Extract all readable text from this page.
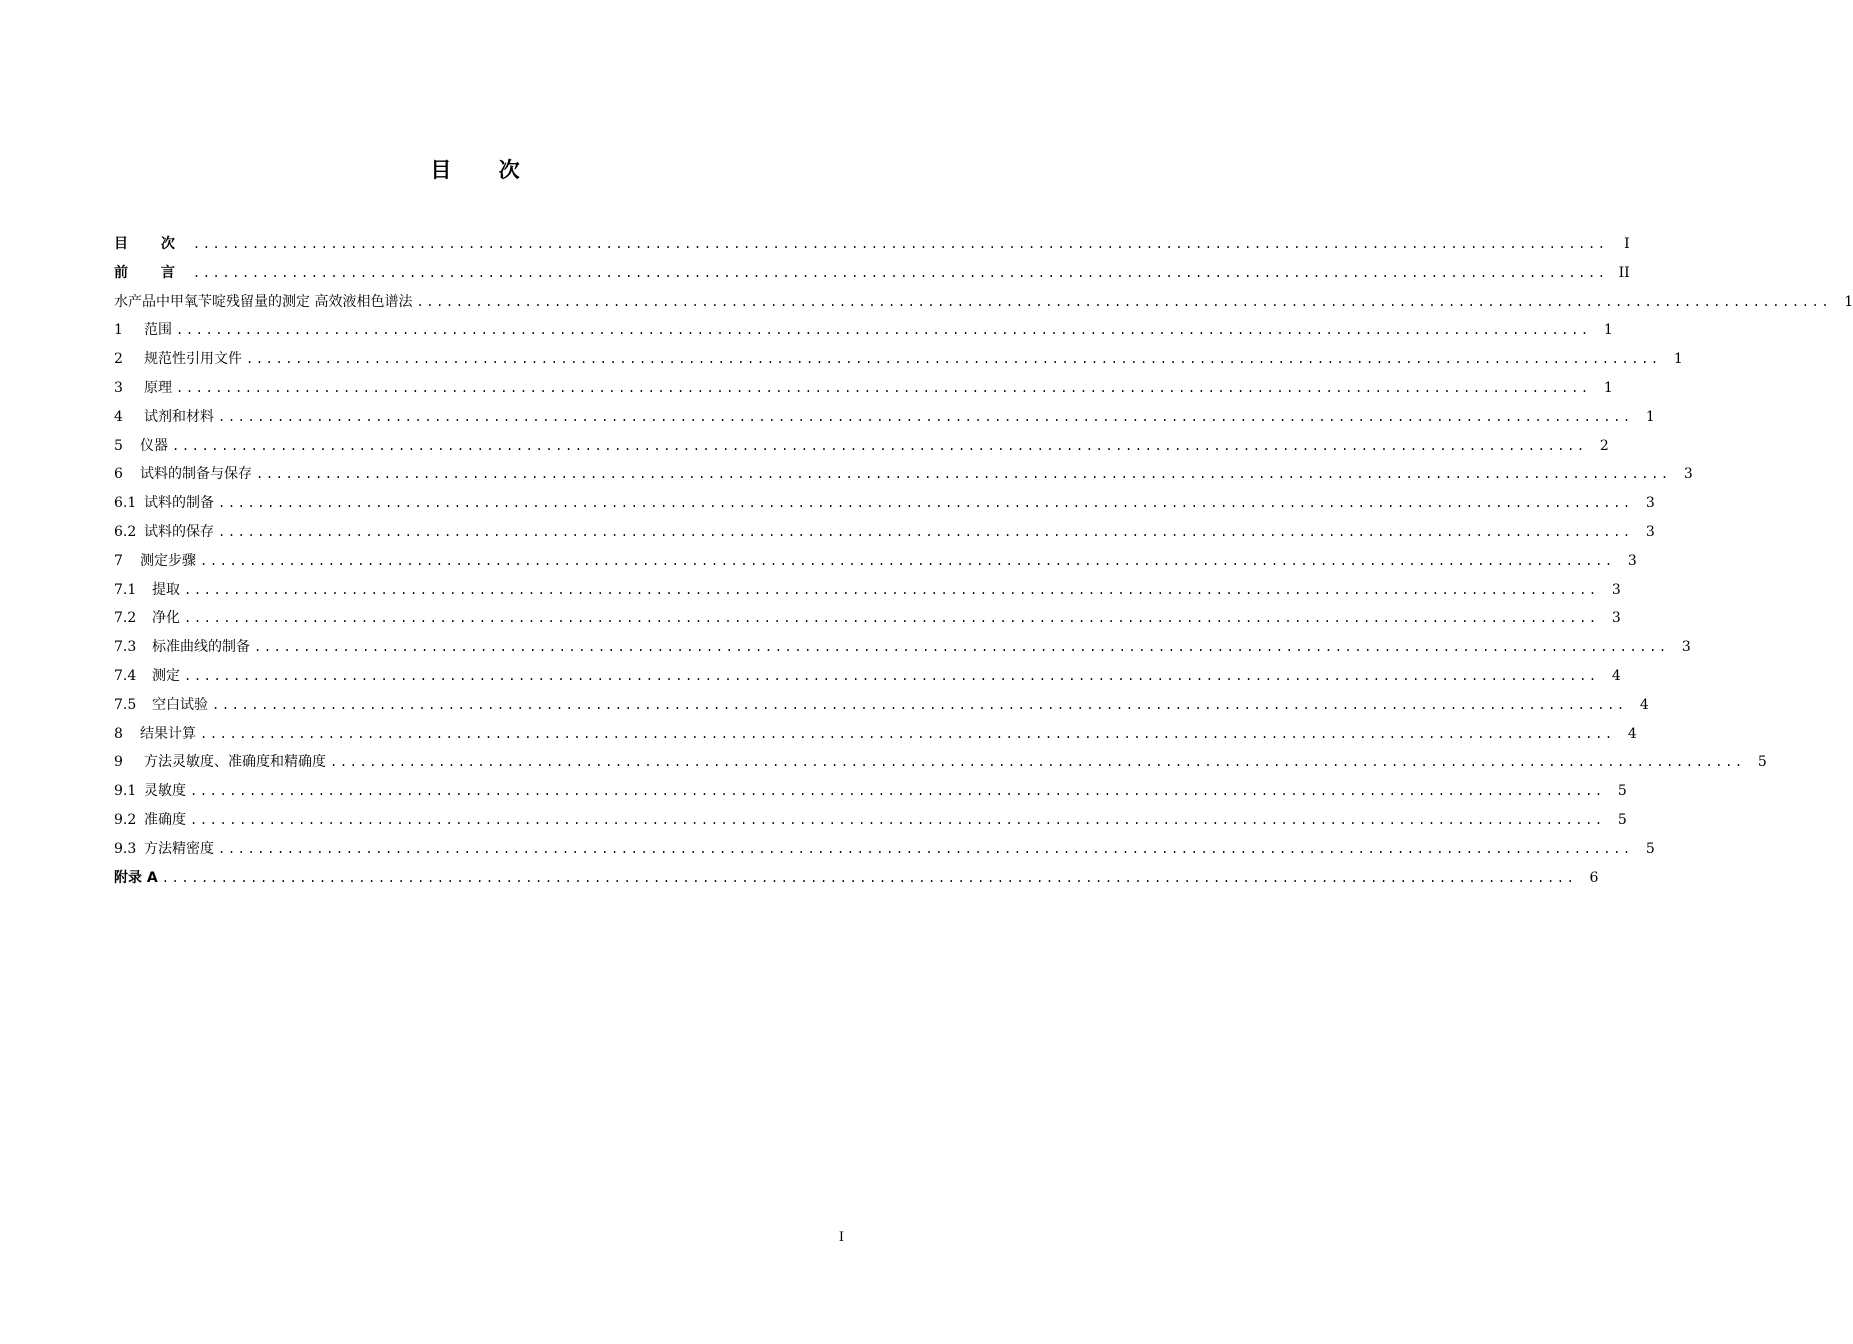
目 次
目 次 ................................................................................................................................................	I
前 言 ................................................................................................................................................ II
水产品中甲氧苄啶残留量的测定 高效液相色谱法 ................................................................................................................................................ 1
1	范围 ................................................................................................................................................ 1
2	规范性引用文件 ................................................................................................................................................ 1
3	原理 ................................................................................................................................................ 1
4	试剂和材料 ................................................................................................................................................ 1
5	仪器 ................................................................................................................................................ 2
6	试料的制备与保存 ................................................................................................................................................ 3
6.1 试料的制备 ................................................................................................................................................ 3
6.2 试料的保存 ................................................................................................................................................ 3
7	测定步骤 ................................................................................................................................................ 3
7.1	提取 ................................................................................................................................................ 3
7.2	净化 ................................................................................................................................................ 3
7.3	标准曲线的制备 ................................................................................................................................................ 3
7.4	测定 ................................................................................................................................................ 4
7.5	空白试验 ................................................................................................................................................ 4
8	结果计算 ................................................................................................................................................ 4
9	方法灵敏度、准确度和精确度 ................................................................................................................................................ 5
9.1 灵敏度 ................................................................................................................................................ 5
9.2 准确度 ................................................................................................................................................ 5
9.3 方法精密度 ................................................................................................................................................ 5
附录 A ................................................................................................................................................ 6
I
